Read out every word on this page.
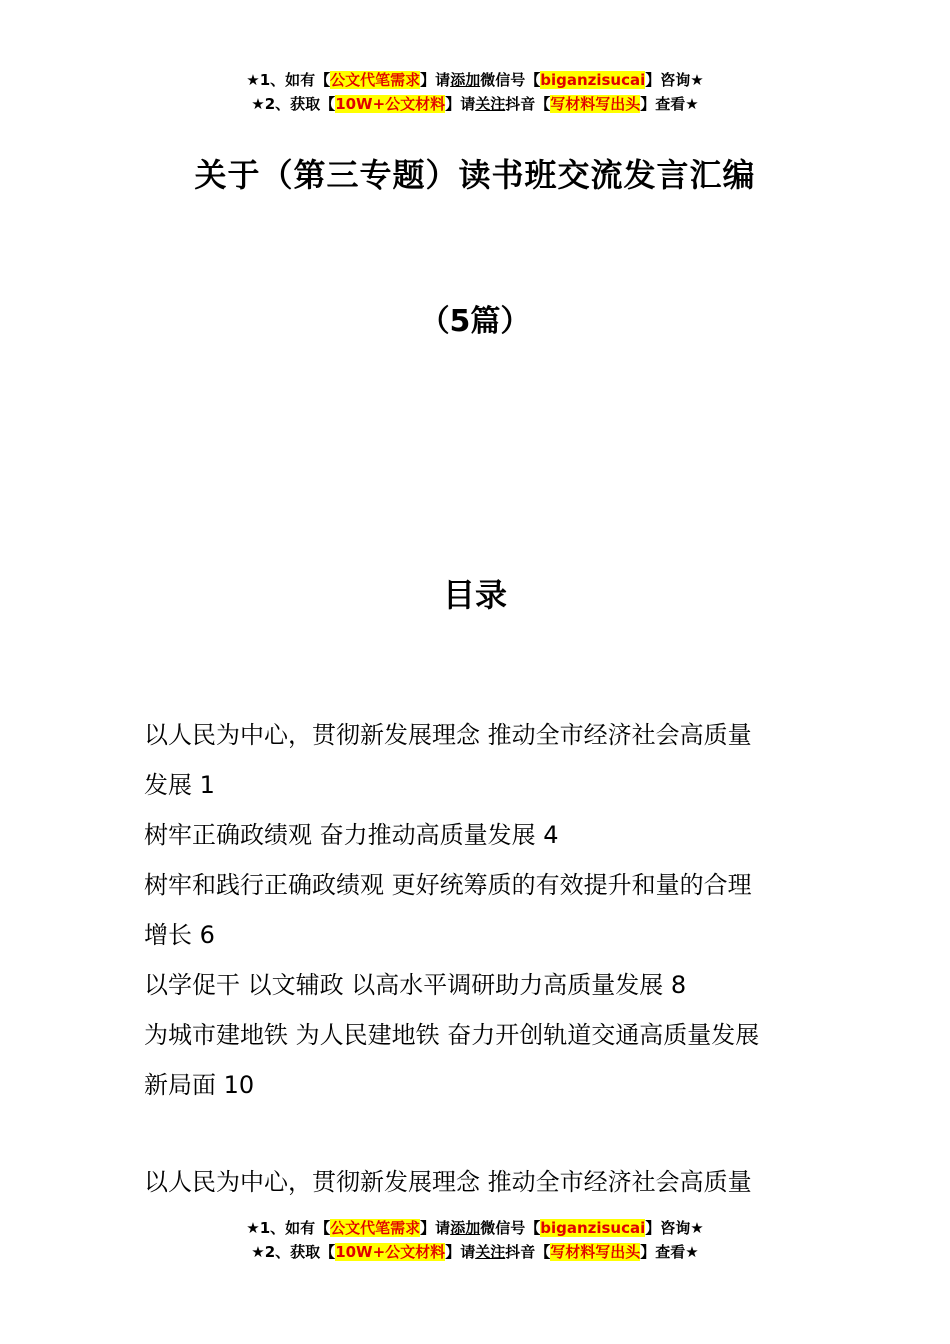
★1、如有【公文代笔需求】请添加微信号【biganzisucai】咨询★
★2、获取【10W+公文材料】请关注抖音【写材料写出头】查看★
关于（第三专题）读书班交流发言汇编
（5篇）
目录
以人民为中心，贯彻新发展理念 推动全市经济社会高质量
发展 1
树牢正确政绩观 奋力推动高质量发展 4
树牢和践行正确政绩观 更好统筹质的有效提升和量的合理
增长 6
以学促干 以文辅政 以高水平调研助力高质量发展 8
为城市建地铁 为人民建地铁 奋力开创轨道交通高质量发展
新局面 10
以人民为中心，贯彻新发展理念 推动全市经济社会高质量
★1、如有【公文代笔需求】请添加微信号【biganzisucai】咨询★
★2、获取【10W+公文材料】请关注抖音【写材料写出头】查看★
